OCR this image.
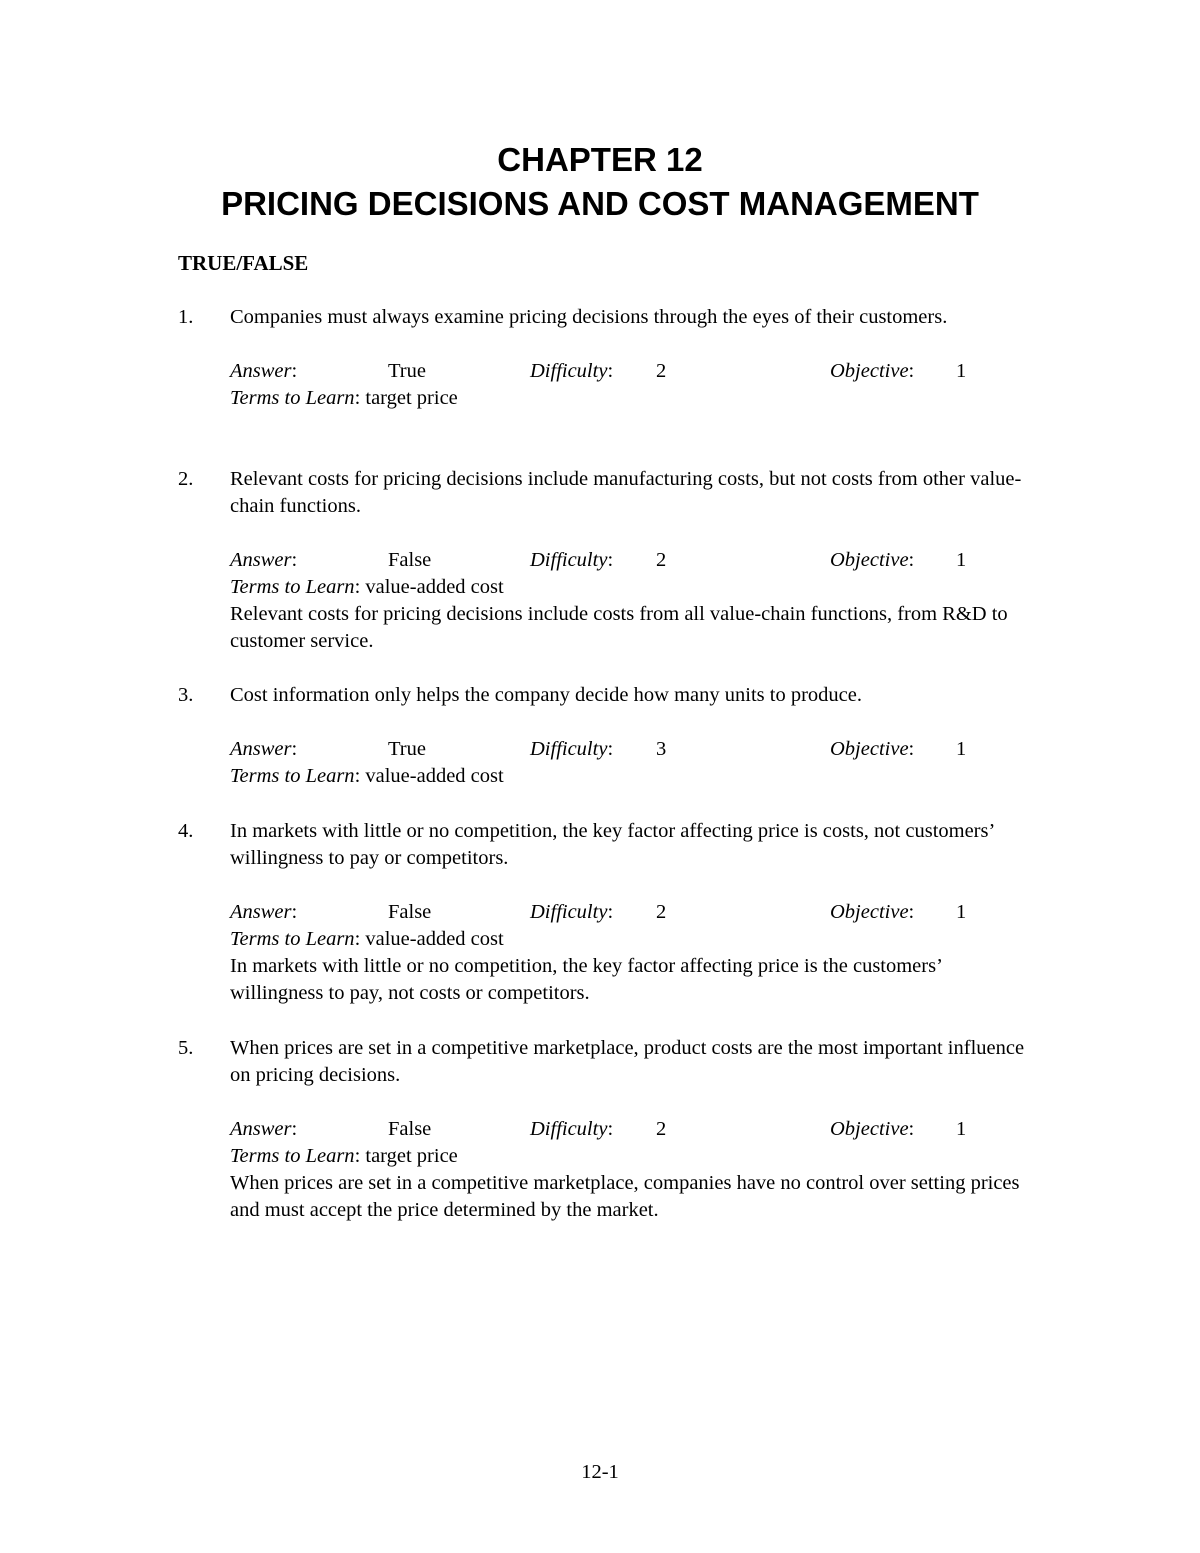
CHAPTER 12
PRICING DECISIONS AND COST MANAGEMENT
TRUE/FALSE
1.	Companies must always examine pricing decisions through the eyes of their customers.
Answer:	True	Difficulty: 2	Objective: 1
Terms to Learn: target price
2.	Relevant costs for pricing decisions include manufacturing costs, but not costs from other value-chain functions.
Answer:	False	Difficulty: 2	Objective: 1
Terms to Learn: value-added cost
Relevant costs for pricing decisions include costs from all value-chain functions, from R&D to customer service.
3.	Cost information only helps the company decide how many units to produce.
Answer:	True	Difficulty: 3	Objective: 1
Terms to Learn: value-added cost
4.	In markets with little or no competition, the key factor affecting price is costs, not customers’ willingness to pay or competitors.
Answer:	False	Difficulty: 2	Objective: 1
Terms to Learn: value-added cost
In markets with little or no competition, the key factor affecting price is the customers’ willingness to pay, not costs or competitors.
5.	When prices are set in a competitive marketplace, product costs are the most important influence on pricing decisions.
Answer:	False	Difficulty: 2	Objective: 1
Terms to Learn: target price
When prices are set in a competitive marketplace, companies have no control over setting prices and must accept the price determined by the market.

12-1
